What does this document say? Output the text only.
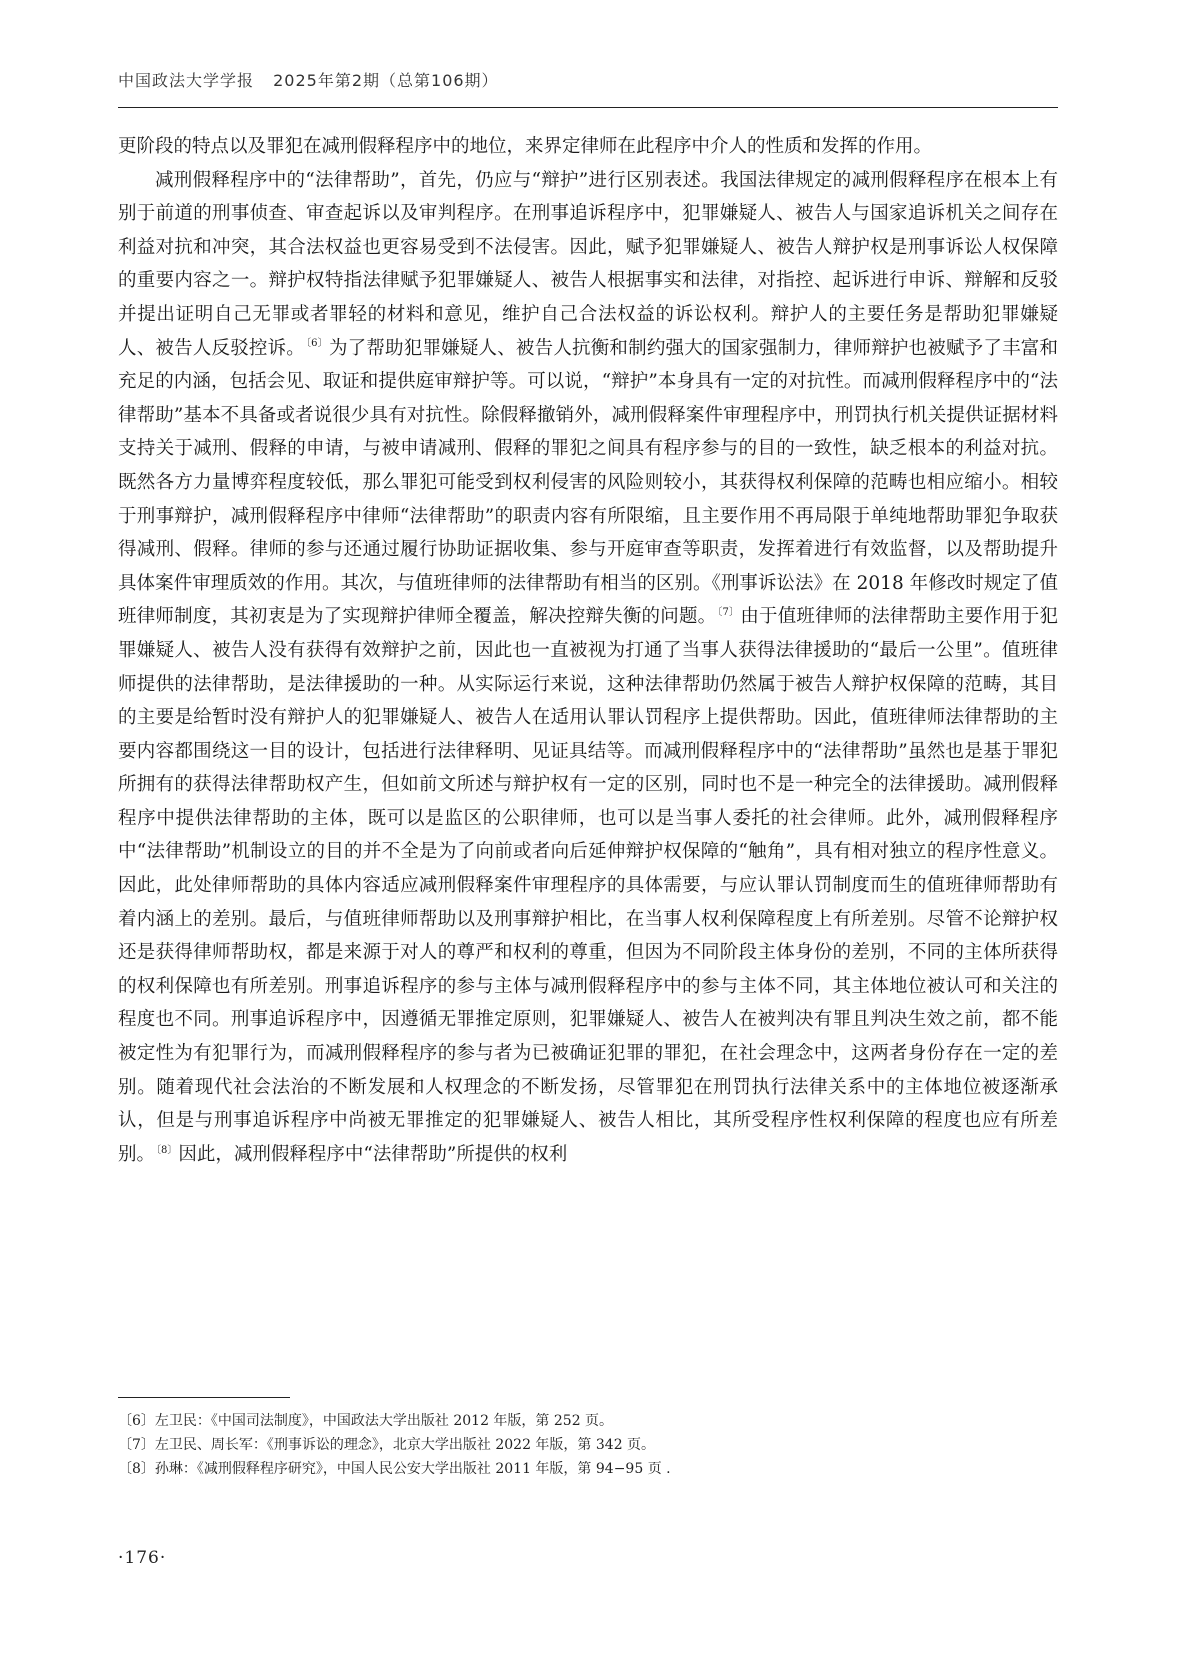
中国政法大学学报 2025年第2期（总第106期）

更阶段的特点以及罪犯在减刑假释程序中的地位，来界定律师在此程序中介人的性质和发挥的作用。

减刑假释程序中的“法律帮助”，首先，仍应与“辩护”进行区别表述。我国法律规定的减刑假释程序在根本上有别于前道的刑事侦查、审查起诉以及审判程序。在刑事追诉程序中，犯罪嫌疑人、被告人与国家追诉机关之间存在利益对抗和冲突，其合法权益也更容易受到不法侵害。因此，赋予犯罪嫌疑人、被告人辩护权是刑事诉讼人权保障的重要内容之一。辩护权特指法律赋予犯罪嫌疑人、被告人根据事实和法律，对指控、起诉进行申诉、辩解和反驳并提出证明自己无罪或者罪轻的材料和意见，维护自己合法权益的诉讼权利。辩护人的主要任务是帮助犯罪嫌疑人、被告人反驳控诉。$^{〔6〕}$为了帮助犯罪嫌疑人、被告人抗衡和制约强大的国家强制力，律师辩护也被赋予了丰富和充足的内涵，包括会见、取证和提供庭审辩护等。可以说，“辩护”本身具有一定的对抗性。而减刑假释程序中的“法律帮助”基本不具备或者说很少具有对抗性。除假释撤销外，减刑假释案件审理程序中，刑罚执行机关提供证据材料支持关于减刑、假释的申请，与被申请减刑、假释的罪犯之间具有程序参与的目的一致性，缺乏根本的利益对抗。既然各方力量博弈程度较低，那么罪犯可能受到权利侵害的风险则较小，其获得权利保障的范畴也相应缩小。相较于刑事辩护，减刑假释程序中律师“法律帮助”的职责内容有所限缩，且主要作用不再局限于单纯地帮助罪犯争取获得减刑、假释。律师的参与还通过履行协助证据收集、参与开庭审查等职责，发挥着进行有效监督，以及帮助提升具体案件审理质效的作用。其次，与值班律师的法律帮助有相当的区别。《刑事诉讼法》在 2018 年修改时规定了值班律师制度，其初衷是为了实现辩护律师全覆盖，解决控辩失衡的问题。$^{〔7〕}$由于值班律师的法律帮助主要作用于犯罪嫌疑人、被告人没有获得有效辩护之前，因此也一直被视为打通了当事人获得法律援助的“最后一公里”。值班律师提供的法律帮助，是法律援助的一种。从实际运行来说，这种法律帮助仍然属于被告人辩护权保障的范畴，其目的主要是给暂时没有辩护人的犯罪嫌疑人、被告人在适用认罪认罚程序上提供帮助。因此，值班律师法律帮助的主要内容都围绕这一目的设计，包括进行法律释明、见证具结等。而减刑假释程序中的“法律帮助”虽然也是基于罪犯所拥有的获得法律帮助权产生，但如前文所述与辩护权有一定的区别，同时也不是一种完全的法律援助。减刑假释程序中提供法律帮助的主体，既可以是监区的公职律师，也可以是当事人委托的社会律师。此外，减刑假释程序中“法律帮助”机制设立的目的并不全是为了向前或者向后延伸辩护权保障的“触角”，具有相对独立的程序性意义。因此，此处律师帮助的具体内容适应减刑假释案件审理程序的具体需要，与应认罪认罚制度而生的值班律师帮助有着内涵上的差别。最后，与值班律师帮助以及刑事辩护相比，在当事人权利保障程度上有所差别。尽管不论辩护权还是获得律师帮助权，都是来源于对人的尊严和权利的尊重，但因为不同阶段主体身份的差别，不同的主体所获得的权利保障也有所差别。刑事追诉程序的参与主体与减刑假释程序中的参与主体不同，其主体地位被认可和关注的程度也不同。刑事追诉程序中，因遵循无罪推定原则，犯罪嫌疑人、被告人在被判决有罪且判决生效之前，都不能被定性为有犯罪行为，而减刑假释程序的参与者为已被确证犯罪的罪犯，在社会理念中，这两者身份存在一定的差别。随着现代社会法治的不断发展和人权理念的不断发扬，尽管罪犯在刑罚执行法律关系中的主体地位被逐渐承认，但是与刑事追诉程序中尚被无罪推定的犯罪嫌疑人、被告人相比，其所受程序性权利保障的程度也应有所差别。$^{〔8〕}$因此，减刑假释程序中“法律帮助”所提供的权利

〔6〕左卫民：《中国司法制度》，中国政法大学出版社 2012 年版，第 252 页。

〔7〕左卫民、周长军：《刑事诉讼的理念》，北京大学出版社 2022 年版，第 342 页。

〔8〕孙琳：《减刑假释程序研究》，中国人民公安大学出版社 2011 年版，第 94−95 页 .

·176·
